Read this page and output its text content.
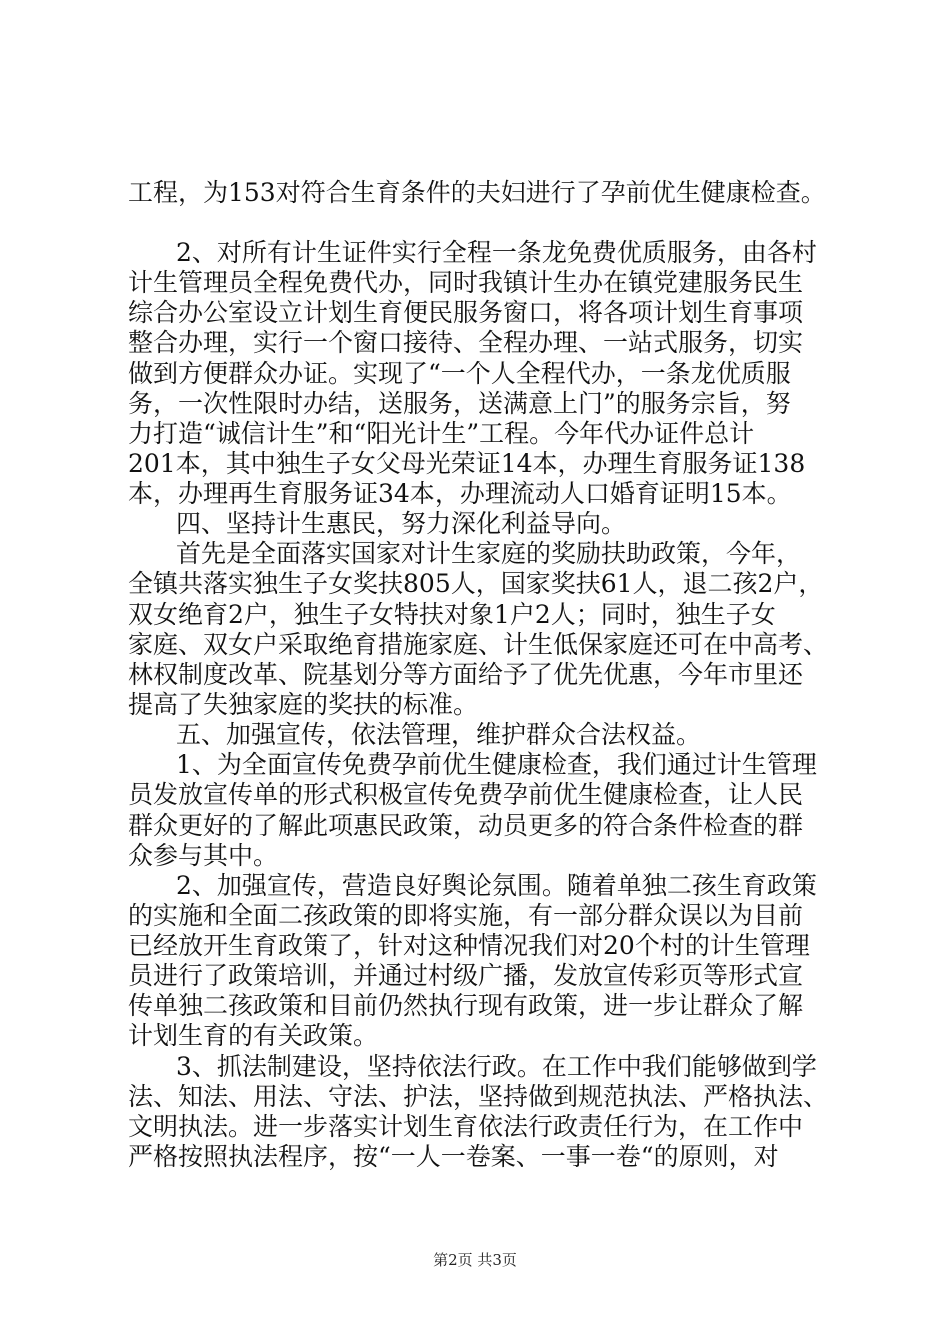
工程，为153对符合生育条件的夫妇进行了孕前优生健康检查。
2、对所有计生证件实行全程一条龙免费优质服务，由各村
计生管理员全程免费代办，同时我镇计生办在镇党建服务民生
综合办公室设立计划生育便民服务窗口，将各项计划生育事项
整合办理，实行一个窗口接待、全程办理、一站式服务，切实
做到方便群众办证。实现了“一个人全程代办，一条龙优质服
务，一次性限时办结，送服务，送满意上门”的服务宗旨，努
力打造“诚信计生”和“阳光计生”工程。今年代办证件总计
201本，其中独生子女父母光荣证14本，办理生育服务证138
本，办理再生育服务证34本，办理流动人口婚育证明15本。
四、坚持计生惠民，努力深化利益导向。
首先是全面落实国家对计生家庭的奖励扶助政策，今年，
全镇共落实独生子女奖扶805人，国家奖扶61人，退二孩2户，
双女绝育2户，独生子女特扶对象1户2人；同时，独生子女
家庭、双女户采取绝育措施家庭、计生低保家庭还可在中高考、
林权制度改革、院基划分等方面给予了优先优惠，今年市里还
提高了失独家庭的奖扶的标准。
五、加强宣传，依法管理，维护群众合法权益。
1、为全面宣传免费孕前优生健康检查，我们通过计生管理
员发放宣传单的形式积极宣传免费孕前优生健康检查，让人民
群众更好的了解此项惠民政策，动员更多的符合条件检查的群
众参与其中。
2、加强宣传，营造良好舆论氛围。随着单独二孩生育政策
的实施和全面二孩政策的即将实施，有一部分群众误以为目前
已经放开生育政策了，针对这种情况我们对20个村的计生管理
员进行了政策培训，并通过村级广播，发放宣传彩页等形式宣
传单独二孩政策和目前仍然执行现有政策，进一步让群众了解
计划生育的有关政策。
3、抓法制建设，坚持依法行政。在工作中我们能够做到学
法、知法、用法、守法、护法，坚持做到规范执法、严格执法、
文明执法。进一步落实计划生育依法行政责任行为，在工作中
严格按照执法程序，按“一人一卷案、一事一卷“的原则，对
第2页 共3页
